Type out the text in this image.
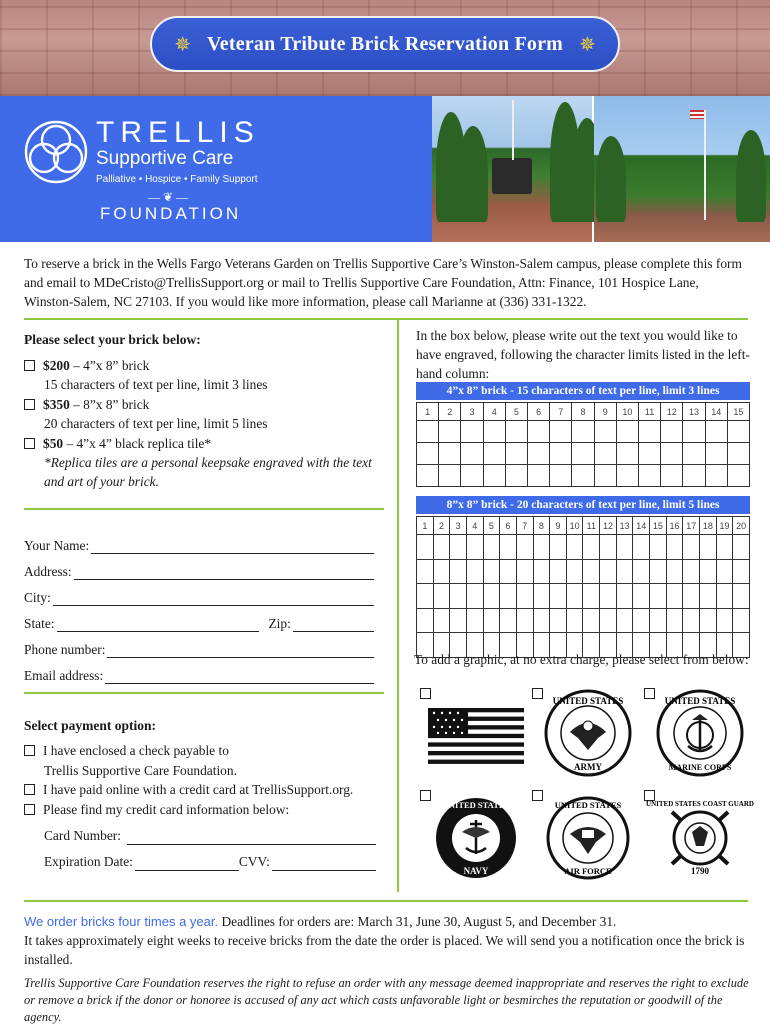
✵ Veteran Tribute Brick Reservation Form ✵
TRELLIS
Supportive Care
Palliative • Hospice • Family Support
— ❦ —
FOUNDATION
To reserve a brick in the Wells Fargo Veterans Garden on Trellis Supportive Care’s Winston-Salem campus, please complete this form and email to MDeCristo@TrellisSupport.org or mail to Trellis Supportive Care Foundation, Attn: Finance, 101 Hospice Lane, Winston-Salem, NC 27103. If you would like more information, please call Marianne at (336) 331-1322.
Please select your brick below:
$200 – 4”x 8” brick
15 characters of text per line, limit 3 lines
$350 – 8”x 8” brick
20 characters of text per line, limit 5 lines
$50 – 4”x 4” black replica tile*
*Replica tiles are a personal keepsake engraved with the text and art of your brick.
Your Name:
Address:
City:
State:	Zip:
Phone number:
Email address:
Select payment option:
I have enclosed a check payable to
Trellis Supportive Care Foundation.
I have paid online with a credit card at TrellisSupport.org.
Please find my credit card information below:
Card Number:
Expiration Date:	CVV:
In the box below, please write out the text you would like to have engraved, following the character limits listed in the left-hand column:
4”x 8” brick - 15 characters of text per line, limit 3 lines
1	2	3	4	5	6	7	8	9	10	11	12	13	14	15
8”x 8” brick - 20 characters of text per line, limit 5 lines
1	2	3	4	5	6	7	8	9	10 11 12 13 14 15 16 17 18 19 20
To add a graphic, at no extra charge, please select from below:
UNITED STATES
ARMY
UNITED STATES
MARINE CORPS
UNITED STATES
NAVY
UNITED STATES
AIR FORCE
UNITED STATES COAST GUARD
1790
We order bricks four times a year. Deadlines for orders are: March 31, June 30, August 5, and December 31.
It takes approximately eight weeks to receive bricks from the date the order is placed. We will send you a notification once the brick is installed.
Trellis Supportive Care Foundation reserves the right to refuse an order with any message deemed inappropriate and reserves the right to exclude or remove a brick if the donor or honoree is accused of any act which casts unfavorable light or besmirches the reputation or goodwill of the agency.
